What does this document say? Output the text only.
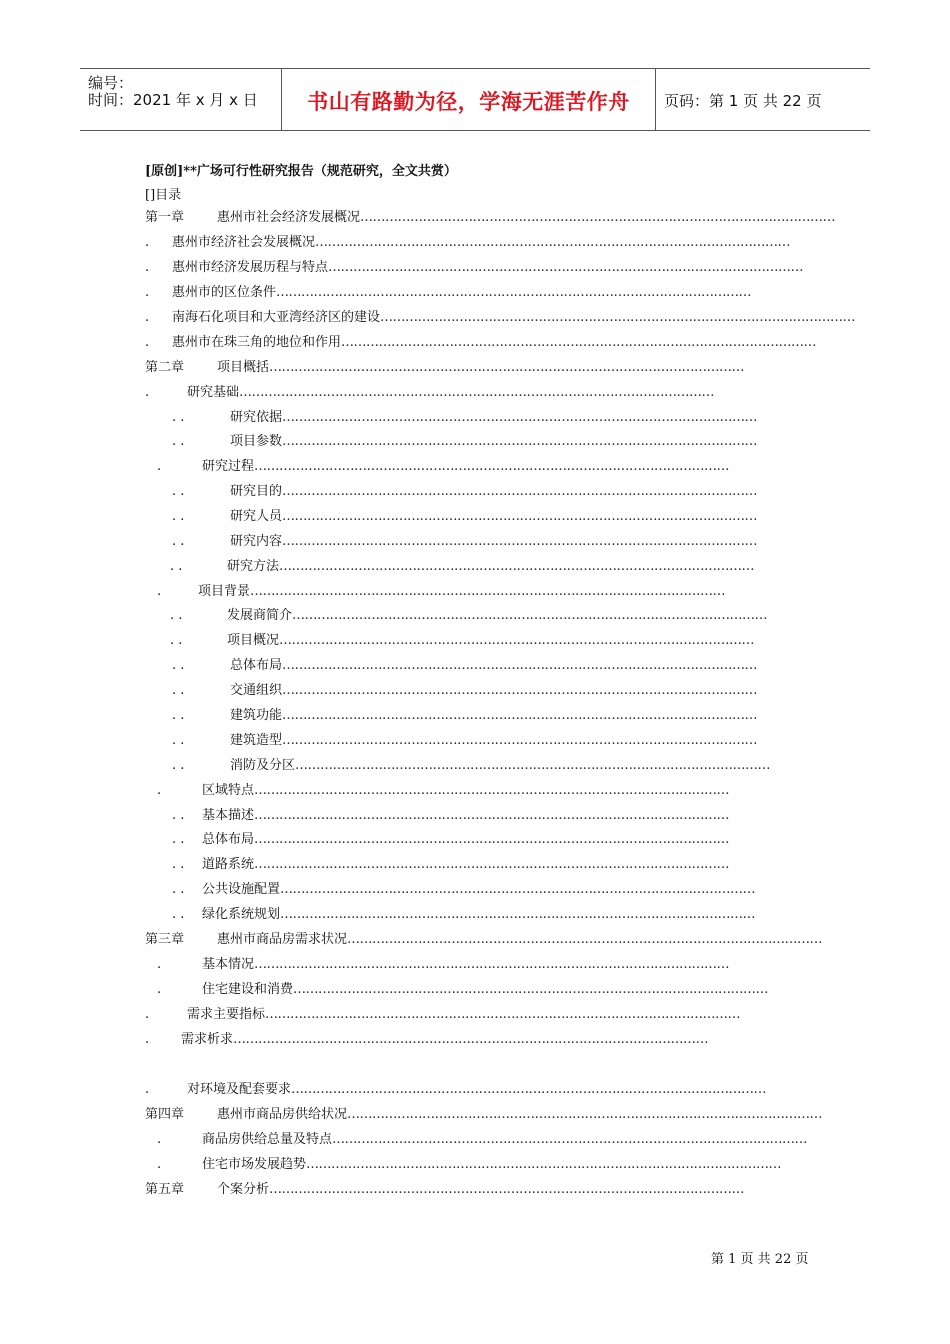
编号：
时间：2021 年 x 月 x 日	书山有路勤为径，学海无涯苦作舟	页码：第 1 页 共 22 页
[原创]**广场可行性研究报告（规范研究，全文共赏）
[]目录
第一章	惠州市社会经济发展概况……………………………………………………………………………………………………
. 惠州市经济社会发展概况……………………………………………………………………………………………………
. 惠州市经济发展历程与特点……………………………………………………………………………………………………
. 惠州市的区位条件……………………………………………………………………………………………………
. 南海石化项目和大亚湾经济区的建设……………………………………………………………………………………………………
. 惠州市在珠三角的地位和作用……………………………………………………………………………………………………
第二章	项目概括……………………………………………………………………………………………………
.	研究基础……………………………………………………………………………………………………
. .	研究依据……………………………………………………………………………………………………
. .	项目参数……………………………………………………………………………………………………
.	研究过程……………………………………………………………………………………………………
. .	研究目的……………………………………………………………………………………………………
. .	研究人员……………………………………………………………………………………………………
. .	研究内容……………………………………………………………………………………………………
. .	研究方法……………………………………………………………………………………………………
.	项目背景……………………………………………………………………………………………………
. .	发展商简介……………………………………………………………………………………………………
. .	项目概况……………………………………………………………………………………………………
. .	总体布局……………………………………………………………………………………………………
. .	交通组织……………………………………………………………………………………………………
. .	建筑功能……………………………………………………………………………………………………
. .	建筑造型……………………………………………………………………………………………………
. .	消防及分区……………………………………………………………………………………………………
.	区域特点……………………………………………………………………………………………………
. . 基本描述……………………………………………………………………………………………………
. . 总体布局……………………………………………………………………………………………………
. . 道路系统……………………………………………………………………………………………………
. . 公共设施配置……………………………………………………………………………………………………
. . 绿化系统规划……………………………………………………………………………………………………
第三章	惠州市商品房需求状况……………………………………………………………………………………………………
.	基本情况……………………………………………………………………………………………………
.	住宅建设和消费……………………………………………………………………………………………………
.	需求主要指标……………………………………………………………………………………………………
. 需求析求……………………………………………………………………………………………………
.	对环境及配套要求……………………………………………………………………………………………………
第四章	惠州市商品房供给状况……………………………………………………………………………………………………
.	商品房供给总量及特点……………………………………………………………………………………………………
.	住宅市场发展趋势……………………………………………………………………………………………………
第五章	个案分析……………………………………………………………………………………………………
第 1 页 共 22 页
